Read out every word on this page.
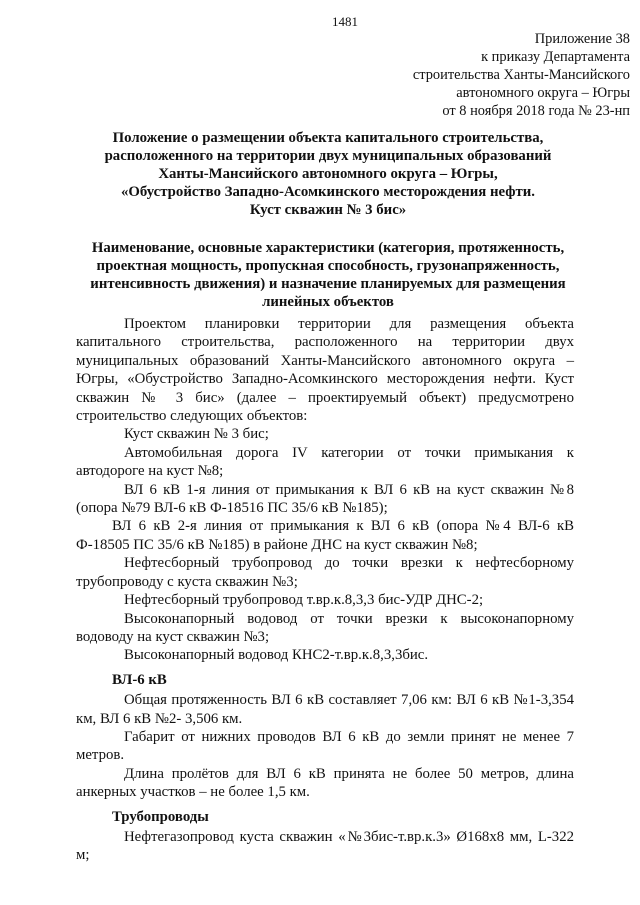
1481
Приложение 38
к приказу Департамента
строительства Ханты-Мансийского
автономного округа – Югры
от 8 ноября 2018 года № 23-нп
Положение о размещении объекта капитального строительства,
расположенного на территории двух муниципальных образований
Ханты-Мансийского автономного округа – Югры,
«Обустройство Западно-Асомкинского месторождения нефти.
Куст скважин № 3 бис»
Наименование, основные характеристики (категория, протяженность,
проектная мощность, пропускная способность, грузонапряженность,
интенсивность движения) и назначение планируемых для размещения
линейных объектов

Проектом планировки территории для размещения объекта капитального строительства, расположенного на территории двух муниципальных образований Ханты-Мансийского автономного округа – Югры, «Обустройство Западно-Асомкинского месторождения нефти. Куст скважин № 3 бис» (далее – проектируемый объект) предусмотрено строительство следующих объектов:

Куст скважин № 3 бис;

Автомобильная дорога IV категории от точки примыкания к автодороге на куст №8;

ВЛ 6 кВ 1-я линия от примыкания к ВЛ 6 кВ на куст скважин №8 (опора №79 ВЛ-6 кВ Ф-18516 ПС 35/6 кВ №185);

ВЛ 6 кВ 2-я линия от примыкания к ВЛ 6 кВ (опора №4 ВЛ-6 кВ Ф-18505 ПС 35/6 кВ №185) в районе ДНС на куст скважин №8;

Нефтесборный трубопровод до точки врезки к нефтесборному трубопроводу с куста скважин №3;

Нефтесборный трубопровод т.вр.к.8,3,3 бис-УДР ДНС-2;

Высоконапорный водовод от точки врезки к высоконапорному водоводу на куст скважин №3;

Высоконапорный водовод КНС2-т.вр.к.8,3,3бис.

ВЛ-6 кВ

Общая протяженность ВЛ 6 кВ составляет 7,06 км: ВЛ 6 кВ №1-3,354 км, ВЛ 6 кВ №2- 3,506 км.

Габарит от нижних проводов ВЛ 6 кВ до земли принят не менее 7 метров.

Длина пролётов для ВЛ 6 кВ принята не более 50 метров, длина анкерных участков – не более 1,5 км.

Трубопроводы

Нефтегазопровод куста скважин «№3бис-т.вр.к.3» Ø168х8 мм, L-322 м;
